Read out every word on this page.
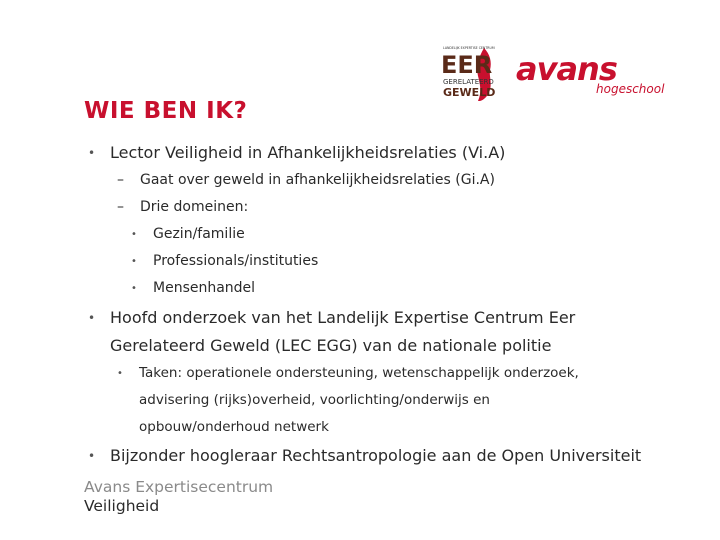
LANDELIJK EXPERTISE CENTRUM
EER
GERELATEERD
GEWELD
avans
hogeschool
WIE BEN IK?
• Lector Veiligheid in Afhankelijkheidsrelaties (Vi.A)
– Gaat over geweld in afhankelijkheidsrelaties (Gi.A)
– Drie domeinen:
• Gezin/familie
• Professionals/instituties
• Mensenhandel
• Hoofd onderzoek van het Landelijk Expertise Centrum Eer
Gerelateerd Geweld (LEC EGG) van de nationale politie
• Taken: operationele ondersteuning, wetenschappelijk onderzoek,
advisering (rijks)overheid, voorlichting/onderwijs en
opbouw/onderhoud netwerk
• Bijzonder hoogleraar Rechtsantropologie aan de Open Universiteit
Avans Expertisecentrum
Veiligheid
